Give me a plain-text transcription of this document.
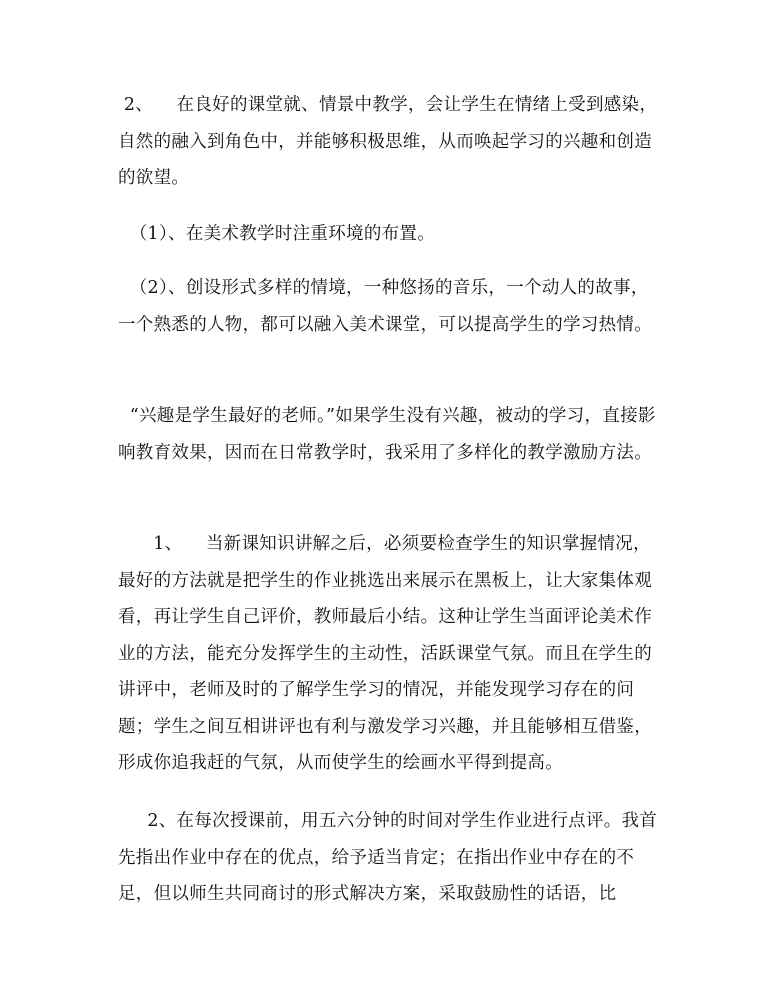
2、    在良好的课堂就、情景中教学，会让学生在情绪上受到感染，自然的融入到角色中，并能够积极思维，从而唤起学习的兴趣和创造的欲望。

（1）、在美术教学时注重环境的布置。

（2）、创设形式多样的情境，一种悠扬的音乐，一个动人的故事，一个熟悉的人物，都可以融入美术课堂，可以提高学生的学习热情。

“兴趣是学生最好的老师。”如果学生没有兴趣，被动的学习，直接影响教育效果，因而在日常教学时，我采用了多样化的教学激励方法。

1、    当新课知识讲解之后，必须要检查学生的知识掌握情况，最好的方法就是把学生的作业挑选出来展示在黑板上，让大家集体观看，再让学生自己评价，教师最后小结。这种让学生当面评论美术作业的方法，能充分发挥学生的主动性，活跃课堂气氛。而且在学生的讲评中，老师及时的了解学生学习的情况，并能发现学习存在的问题；学生之间互相讲评也有利与激发学习兴趣，并且能够相互借鉴，形成你追我赶的气氛，从而使学生的绘画水平得到提高。

2、在每次授课前，用五六分钟的时间对学生作业进行点评。我首先指出作业中存在的优点，给予适当肯定；在指出作业中存在的不足，但以师生共同商讨的形式解决方案，采取鼓励性的话语，比
